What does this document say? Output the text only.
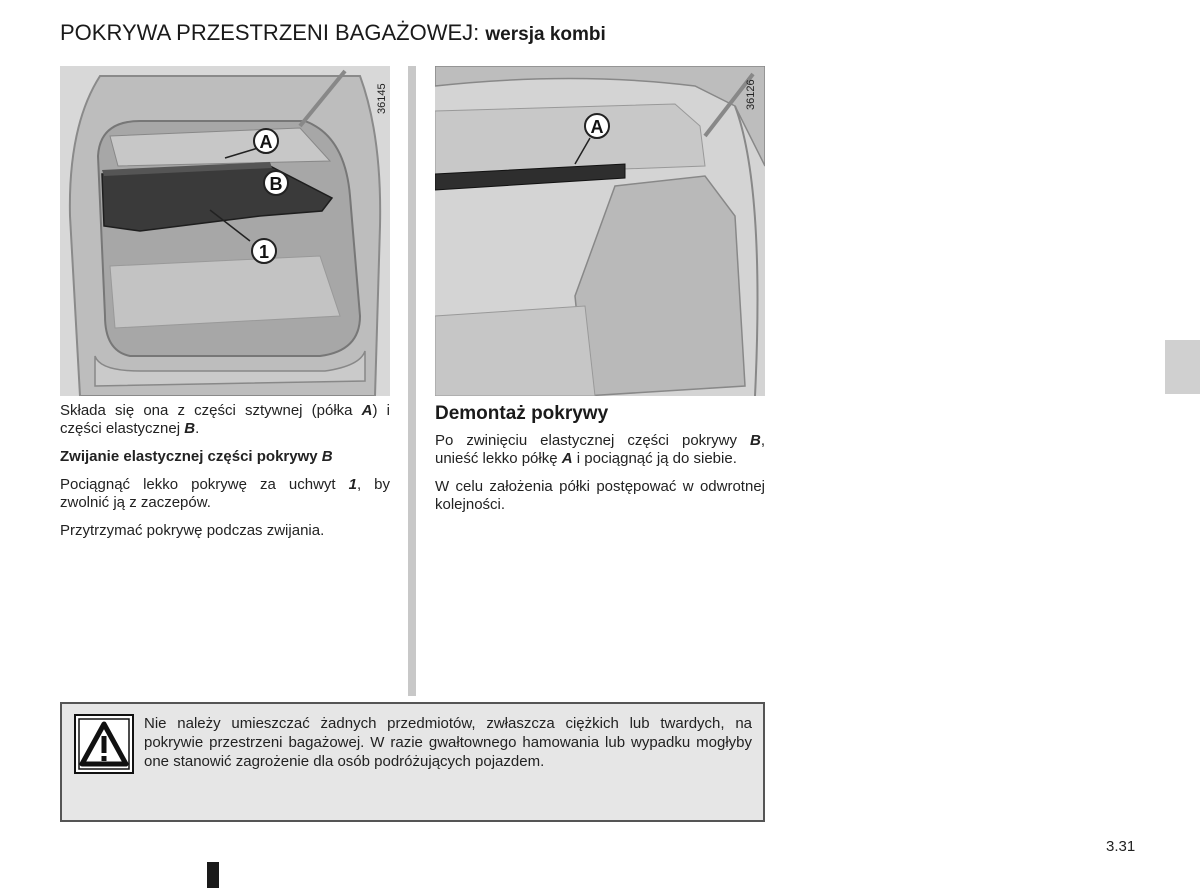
POKRYWA PRZESTRZENI BAGAŻOWEJ: wersja kombi
A
B
1
36145
A
36126

Składa się ona z części sztywnej (półka A) i części elastycznej B.

Zwijanie elastycznej części pokrywy B

Pociągnąć lekko pokrywę za uchwyt 1, by zwolnić ją z zaczepów.

Przytrzymać pokrywę podczas zwijania.

Demontaż pokrywy

Po zwinięciu elastycznej części pokrywy B, unieść lekko półkę A i pociągnąć ją do siebie.

W celu założenia półki postępować w odwrotnej kolejności.

Nie należy umieszczać żadnych przedmiotów, zwłaszcza ciężkich lub twardych, na pokrywie przestrzeni bagażowej. W razie gwałtownego hamowania lub wypadku mogłyby one stanowić zagrożenie dla osób podróżujących pojazdem.
3.31
